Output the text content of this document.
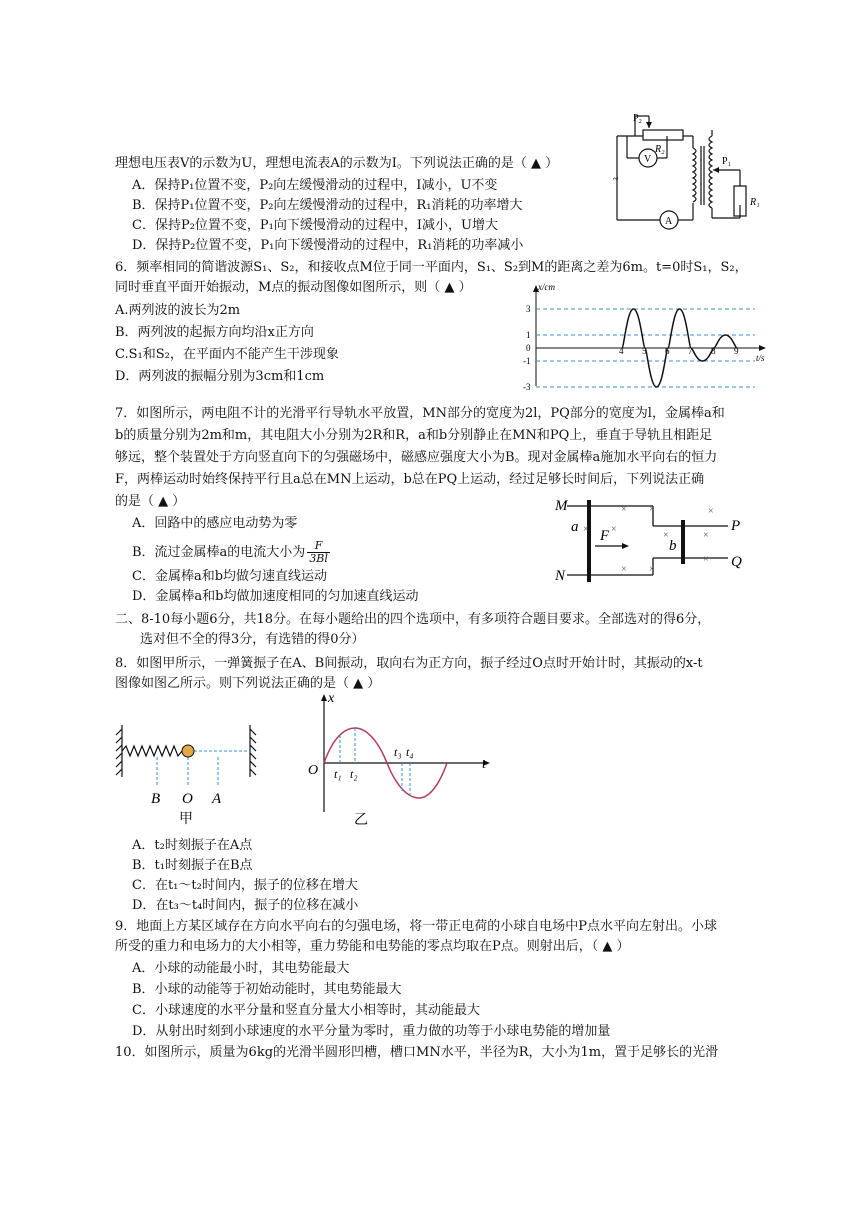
理想电压表V的示数为U，理想电流表A的示数为I。下列说法正确的是（ ▲ ）
A．保持P₁位置不变，P₂向左缓慢滑动的过程中，I减小，U不变
B．保持P₁位置不变，P₂向左缓慢滑动的过程中，R₁消耗的功率增大
C．保持P₂位置不变，P₁向下缓慢滑动的过程中，I减小，U增大
D．保持P₂位置不变，P₁向下缓慢滑动的过程中，R₁消耗的功率减小
P₂
R₂
V
A
~
P₁
R₁
6．频率相同的简谐波源S₁、S₂，和接收点M位于同一平面内，S₁、S₂到M的距离之差为6m。t=0时S₁，S₂，
同时垂直平面开始振动，M点的振动图像如图所示，则（ ▲ ）
A.两列波的波长为2m
B．两列波的起振方向均沿x正方向
C.S₁和S₂，在平面内不能产生干涉现象
D．两列波的振幅分别为3cm和1cm
x/cm
t/s
3
1
0
-1
-3
4 5 6 7 8 9
7．如图所示，两电阻不计的光滑平行导轨水平放置，MN部分的宽度为2l，PQ部分的宽度为l，金属棒a和
b的质量分别为2m和m，其电阻大小分别为2R和R，a和b分别静止在MN和PQ上，垂直于导轨且相距足
够远，整个装置处于方向竖直向下的匀强磁场中，磁感应强度大小为B。现对金属棒a施加水平向右的恒力
F，两棒运动时始终保持平行且a总在MN上运动，b总在PQ上运动，经过足够长时间后，下列说法正确
的是（ ▲ ）
A．回路中的感应电动势为零
B．流过金属棒a的电流大小为 $\frac{F}{3Bl}$
C．金属棒a和b均做匀速直线运动
D．金属棒a和b均做加速度相同的匀加速直线运动
×
×
×
×
×	×
×
×
× ×
M
N
P
Q
a
b
F
二、8-10每小题6分，共18分。在每小题给出的四个选项中，有多项符合题目要求。全部选对的得6分，
选对但不全的得3分，有选错的得0分）
8．如图甲所示，一弹簧振子在A、B间振动，取向右为正方向，振子经过O点时开始计时，其振动的x-t
图像如图乙所示。则下列说法正确的是（ ▲ ）
B O A
甲
x
O	t
t₁ t₂
t₃ t₄
乙
A．t₂时刻振子在A点
B．t₁时刻振子在B点
C．在t₁～t₂时间内，振子的位移在增大
D．在t₃～t₄时间内，振子的位移在减小
9．地面上方某区域存在方向水平向右的匀强电场，将一带正电荷的小球自电场中P点水平向左射出。小球
所受的重力和电场力的大小相等，重力势能和电势能的零点均取在P点。则射出后，（ ▲ ）
A．小球的动能最小时，其电势能最大
B．小球的动能等于初始动能时，其电势能最大
C．小球速度的水平分量和竖直分量大小相等时，其动能最大
D．从射出时刻到小球速度的水平分量为零时，重力做的功等于小球电势能的增加量
10．如图所示，质量为6kg的光滑半圆形凹槽，槽口MN水平，半径为R，大小为1m，置于足够长的光滑
